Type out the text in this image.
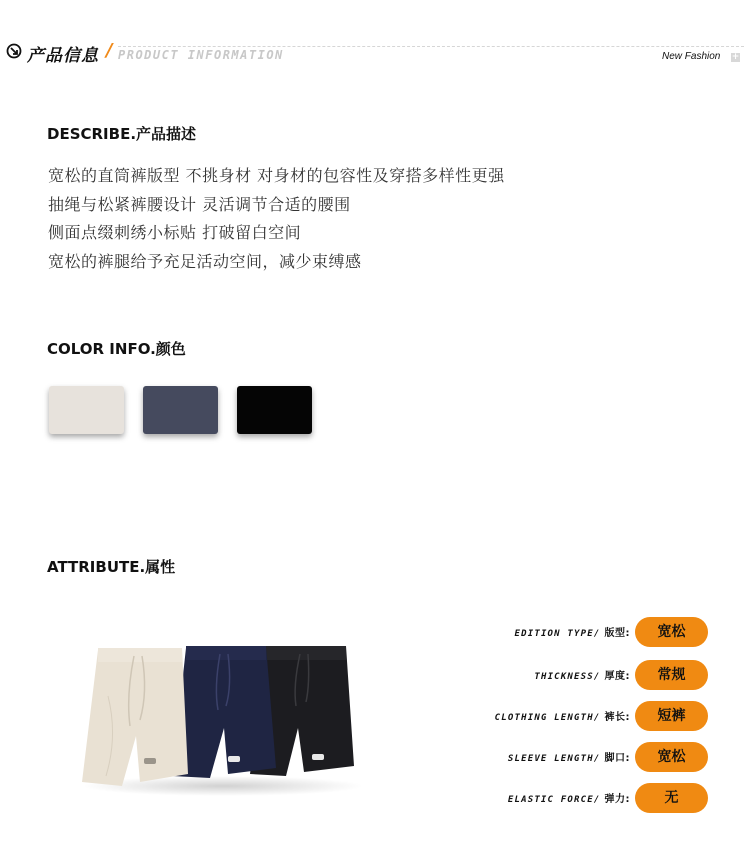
产品信息 / PRODUCT INFORMATION	New Fashion +
DESCRIBE.产品描述
宽松的直筒裤版型 不挑身材 对身材的包容性及穿搭多样性更强
抽绳与松紧裤腰设计 灵活调节合适的腰围
侧面点缀刺绣小标贴 打破留白空间
宽松的裤腿给予充足活动空间，减少束缚感
COLOR INFO.颜色
ATTRIBUTE.属性
EDITION TYPE/ 版型:	宽松
THICKNESS/ 厚度:	常规
CLOTHING LENGTH/ 裤长:	短裤
SLEEVE LENGTH/ 脚口:	宽松
ELASTIC FORCE/ 弹力:	无
